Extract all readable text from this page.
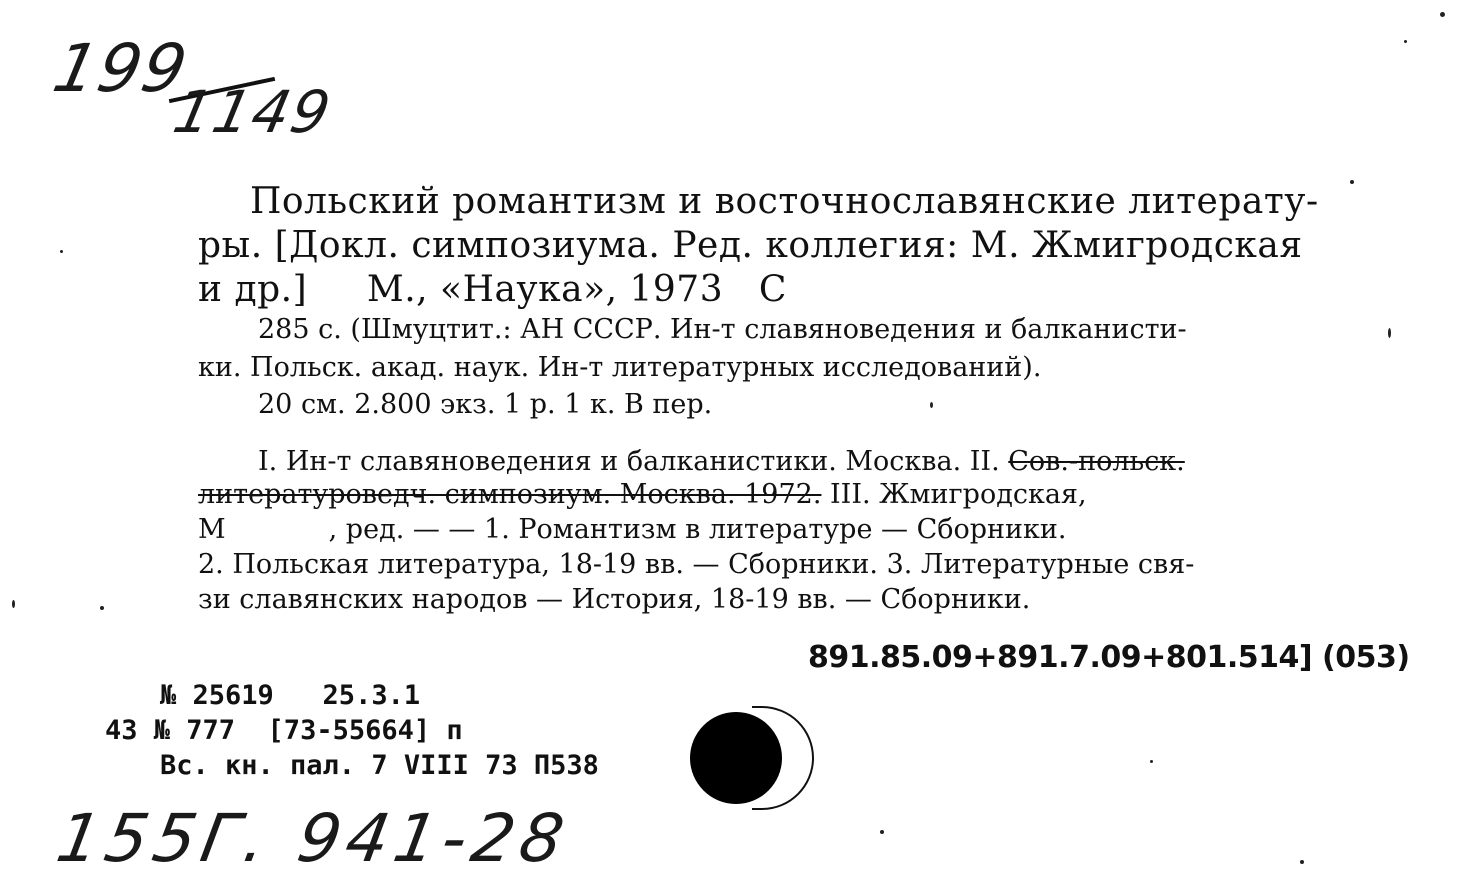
199
1149
Польский романтизм и восточнославянские литерату-
ры. [Докл. симпозиума. Ред. коллегия: М. Жмигродская
и др.]     М., «Наука», 1973   С
285 с. (Шмуцтит.: АН СССР. Ин-т славяноведения и балканисти-
ки. Польск. акад. наук. Ин-т литературных исследований).
20 см. 2.800 экз. 1 р. 1 к. В пер.
I. Ин-т славяноведения и балканистики. Москва. II. Сов.-польск.
литературоведч. симпозиум. Москва. 1972. III. Жмигродская,
М            , ред. — — 1. Романтизм в литературе — Сборники.
2. Польская литература, 18-19 вв. — Сборники. 3. Литературные свя-
зи славянских народов — История, 18-19 вв. — Сборники.
891.85.09+891.7.09+801.514] (053)
№ 25619   25.3.1
43 № 777  [73-55664] п
Вс. кн. пал. 7 VIII 73 П538
155Г. 941-28
